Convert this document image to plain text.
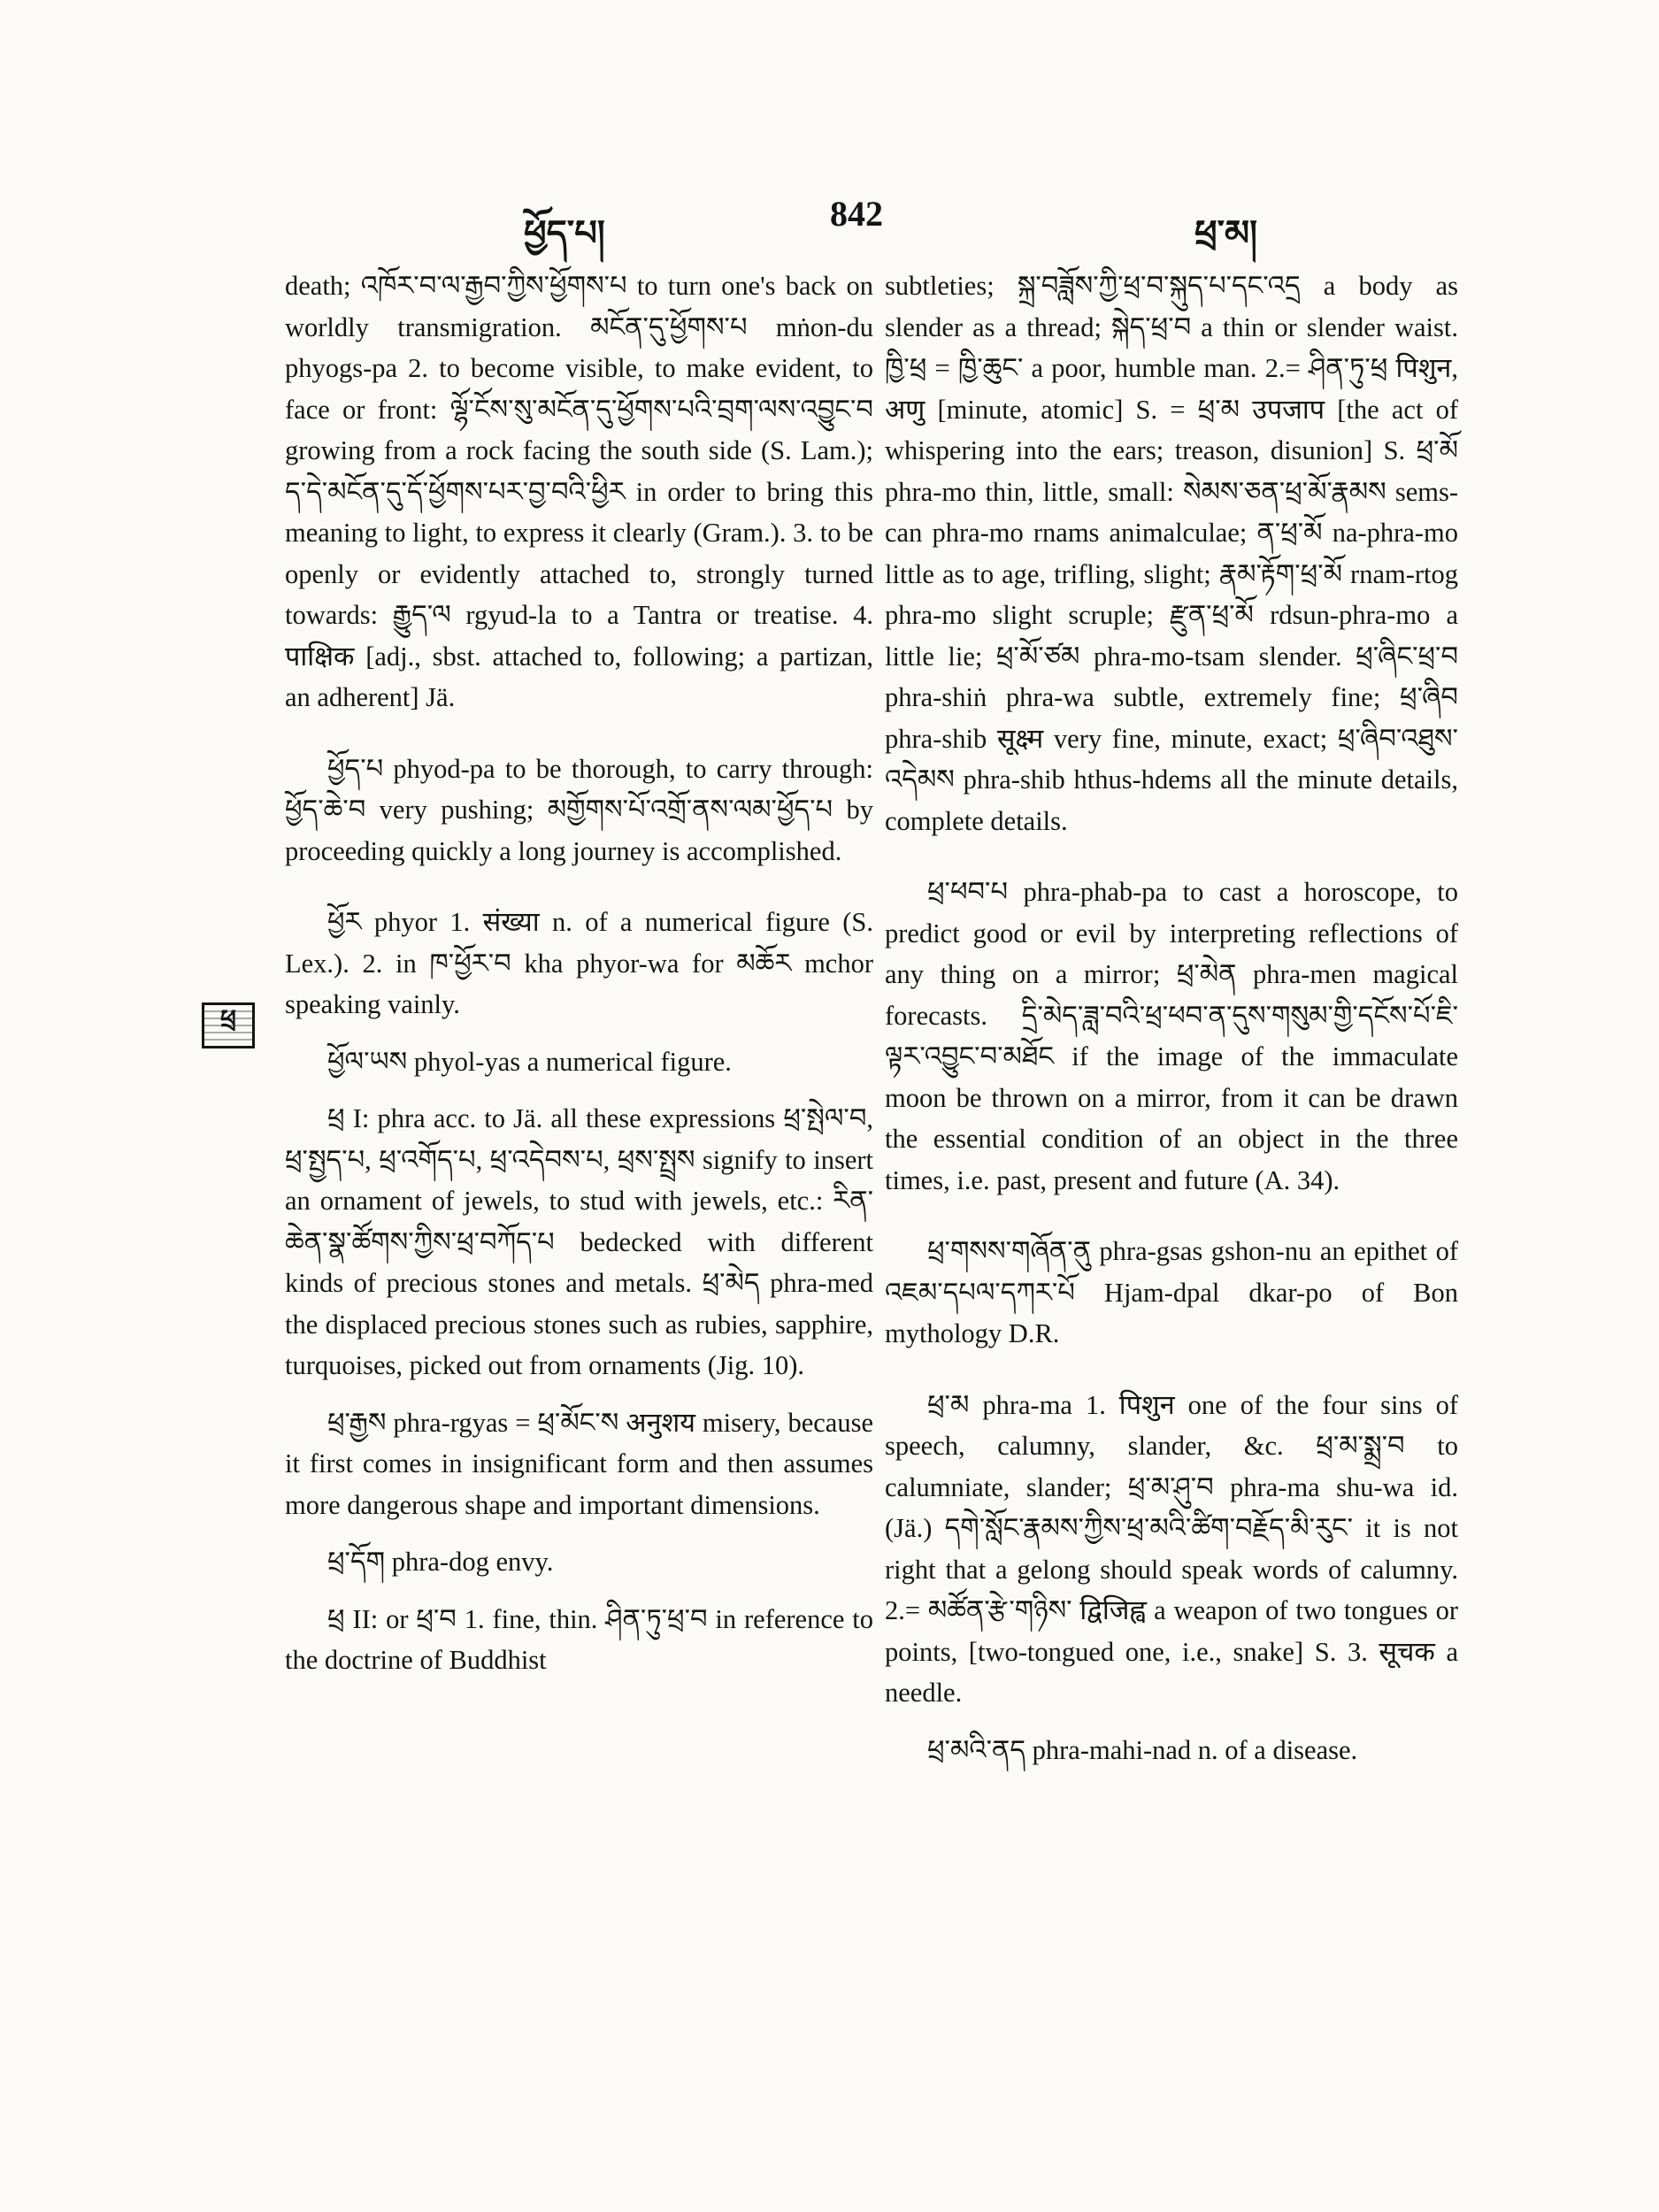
ཕྱོད་པ།	842	ཕྲ་མ།
ཕྲ

death; འཁོར་བ་ལ་རྒྱབ་ཀྱིས་ཕྱོགས་པ to turn one's back on worldly transmigration. མངོན་དུ་ཕྱོགས་པ mṅon-du phyogs-pa 2. to become visible, to make evident, to face or front: ལྷོ་ངོས་སུ་མངོན་དུ་ཕྱོགས་པའི་བྲག་ལས་འབྱུང་བ growing from a rock facing the south side (S. Lam.); ད་དེ་མངོན་དུ་དོ་ཕྱོགས་པར་བྱ་བའི་ཕྱིར in order to bring this meaning to light, to express it clearly (Gram.). 3. to be openly or evidently attached to, strongly turned towards: རྒྱུད་ལ rgyud-la to a Tantra or treatise. 4. पाक्षिक [adj., sbst. attached to, following; a partizan, an adherent] Jä.

ཕྱོད་པ phyod-pa to be thorough, to carry through: ཕྱོད་ཆེ་བ very pushing; མགྱོགས་པོ་འགྲོ་ནས་ལམ་ཕྱོད་པ by proceeding quickly a long journey is accomplished.

ཕྱོར phyor 1. संख्या n. of a numerical figure (S. Lex.). 2. in ཁ་ཕྱོར་བ kha phyor-wa for མཆོར mchor speaking vainly.

ཕྱོལ་ཡས phyol-yas a numerical figure.

ཕྲ I: phra acc. to Jä. all these expressions ཕྲ་སྤེལ་བ, ཕྲ་སྤྱད་པ, ཕྲ་འགོད་པ, ཕྲ་འདེབས་པ, ཕྲས་སྤྲས signify to insert an ornament of jewels, to stud with jewels, etc.: རིན་ཆེན་སྣ་ཚོགས་ཀྱིས་ཕྲ་བཀོད་པ bedecked with different kinds of precious stones and metals. ཕྲ་མེད phra-med the displaced precious stones such as rubies, sapphire, turquoises, picked out from ornaments (Jig. 10).

ཕྲ་རྒྱས phra-rgyas = ཕྲ་མོང་ས अनुशय misery, because it first comes in insignificant form and then assumes more dangerous shape and important dimensions.

ཕྲ་དོག phra-dog envy.

ཕྲ II: or ཕྲ་བ 1. fine, thin. ཤིན་ཏུ་ཕྲ་བ in reference to the doctrine of Buddhist

subtleties; སྐྲ་བཟློས་ཀྱི་ཕྲ་བ་སྐུད་པ་དང་འདྲ a body as slender as a thread; སྐེད་ཕྲ་བ a thin or slender waist. ཁྱི་ཕྲ = ཁྱི་ཆུང་ a poor, humble man. 2.= ཤིན་ཏུ་ཕྲ पिशुन, अणु [minute, atomic] S. = ཕྲ་མ उपजाप [the act of whispering into the ears; treason, disunion] S. ཕྲ་མོ phra-mo thin, little, small: སེམས་ཅན་ཕྲ་མོ་རྣམས sems-can phra-mo rnams animalculae; ན་ཕྲ་མོ na-phra-mo little as to age, trifling, slight; རྣམ་རྟོག་ཕྲ་མོ rnam-rtog phra-mo slight scruple; རྫུན་ཕྲ་མོ rdsun-phra-mo a little lie; ཕྲ་མོ་ཙམ phra-mo-tsam slender. ཕྲ་ཞིང་ཕྲ་བ phra-shiṅ phra-wa subtle, extremely fine; ཕྲ་ཞིབ phra-shib सूक्ष्म very fine, minute, exact; ཕྲ་ཞིབ་འཐུས་འདེམས phra-shib hthus-hdems all the minute details, complete details.

ཕྲ་ཕབ་པ phra-phab-pa to cast a horoscope, to predict good or evil by interpreting reflections of any thing on a mirror; ཕྲ་མེན phra-men magical forecasts. དྲི་མེད་ཟླ་བའི་ཕྲ་ཕབ་ན་དུས་གསུམ་གྱི་དངོས་པོ་ཇི་ལྟར་འབྱུང་བ་མཐོང if the image of the immaculate moon be thrown on a mirror, from it can be drawn the essential condition of an object in the three times, i.e. past, present and future (A. 34).

ཕྲ་གསས་གཞོན་ནུ phra-gsas gshon-nu an epithet of འཇམ་དཔལ་དཀར་པོ Hjam-dpal dkar-po of Bon mythology D.R.

ཕྲ་མ phra-ma 1. पिशुन one of the four sins of speech, calumny, slander, &c. ཕྲ་མ་སྨྲ་བ to calumniate, slander; ཕྲ་མ་ཤུ་བ phra-ma shu-wa id. (Jä.) དགེ་སློང་རྣམས་ཀྱིས་ཕྲ་མའི་ཚིག་བརྗོད་མི་རུང་ it is not right that a gelong should speak words of calumny. 2.= མཚོན་རྩེ་གཉིས་ द्विजिह्व a weapon of two tongues or points, [two-tongued one, i.e., snake] S. 3. सूचक a needle.

ཕྲ་མའི་ནད phra-mahi-nad n. of a disease.
